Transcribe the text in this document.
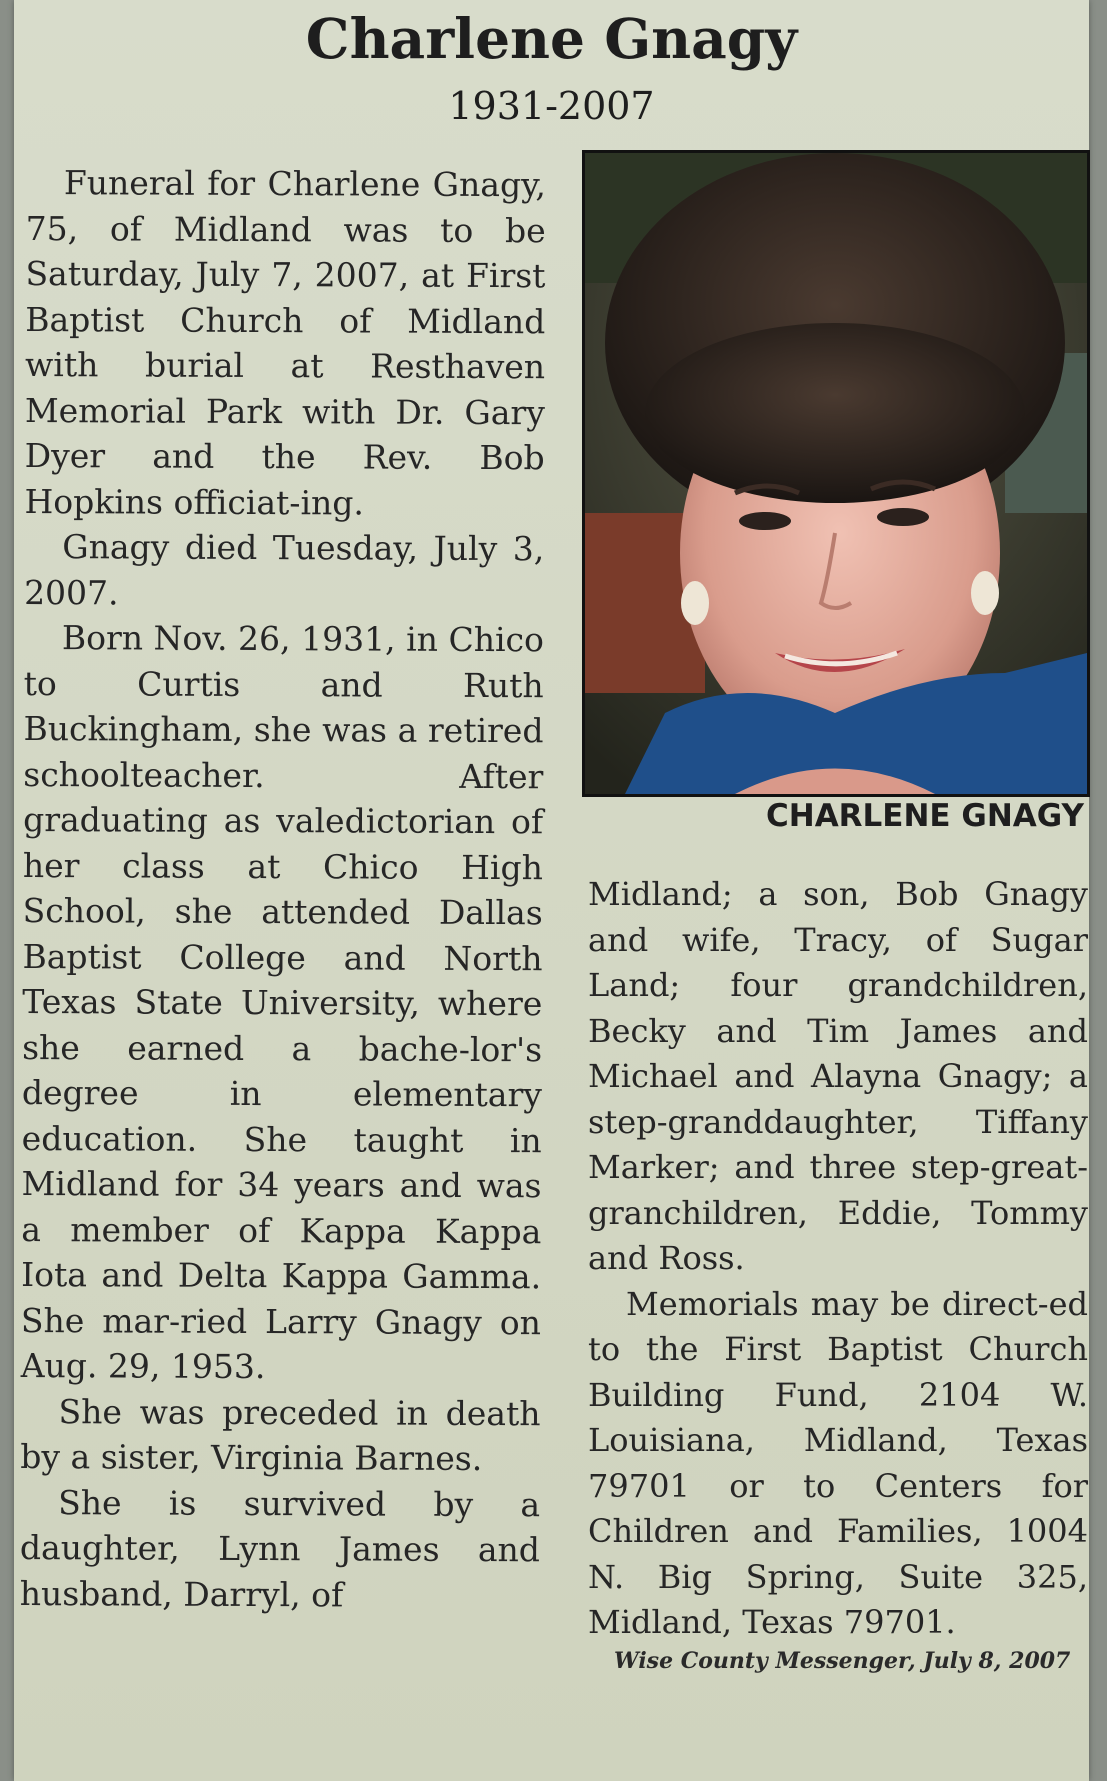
Charlene Gnagy
1931-2007

Funeral for Charlene Gnagy, 75, of Midland was to be Saturday, July 7, 2007, at First Baptist Church of Midland with burial at Resthaven Memorial Park with Dr. Gary Dyer and the Rev. Bob Hopkins officiat-ing.

Gnagy died Tuesday, July 3, 2007.

Born Nov. 26, 1931, in Chico to Curtis and Ruth Buckingham, she was a retired schoolteacher. After graduating as valedictorian of her class at Chico High School, she attended Dallas Baptist College and North Texas State University, where she earned a bache-lor's degree in elementary education. She taught in Midland for 34 years and was a member of Kappa Kappa Iota and Delta Kappa Gamma. She mar-ried Larry Gnagy on Aug. 29, 1953.

She was preceded in death by a sister, Virginia Barnes.

She is survived by a daughter, Lynn James and husband, Darryl, of

CHARLENE GNAGY

Midland; a son, Bob Gnagy and wife, Tracy, of Sugar Land; four grandchildren, Becky and Tim James and Michael and Alayna Gnagy; a step-granddaughter, Tiffany Marker; and three step-great-granchildren, Eddie, Tommy and Ross.

Memorials may be direct-ed to the First Baptist Church Building Fund, 2104 W. Louisiana, Midland, Texas 79701 or to Centers for Children and Families, 1004 N. Big Spring, Suite 325, Midland, Texas 79701.

Wise County Messenger, July 8, 2007
